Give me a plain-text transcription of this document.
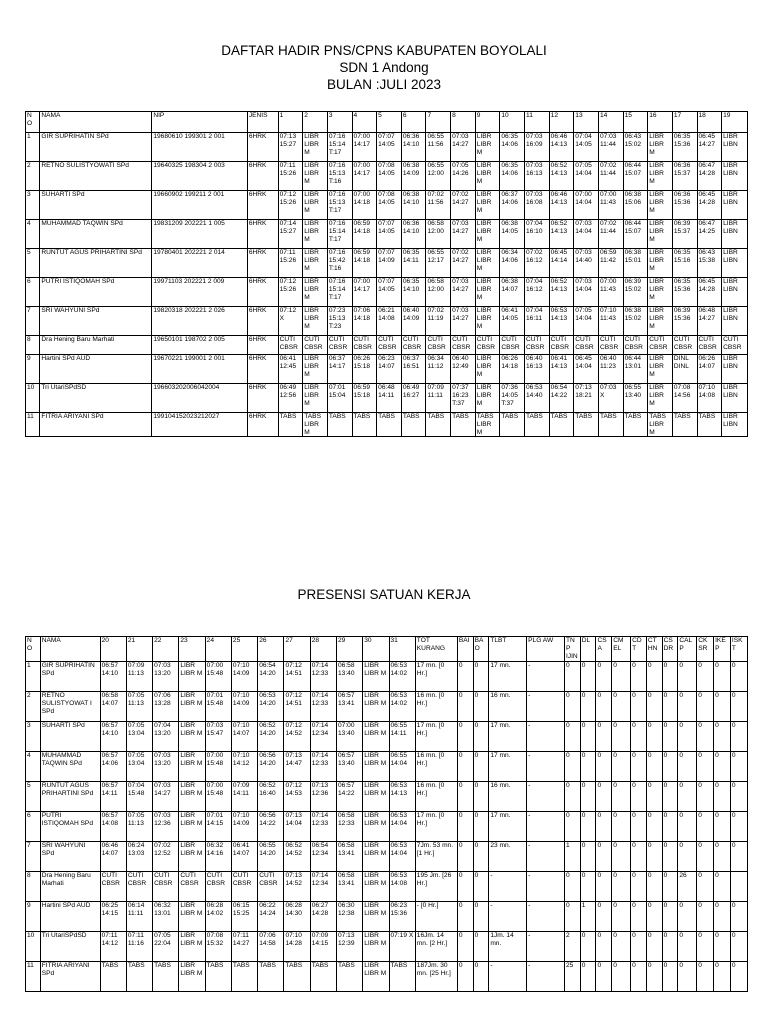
DAFTAR HADIR PNS/CPNS KABUPATEN BOYOLALI
SDN 1 Andong
BULAN :JULI 2023
N O	NAMA	NIP	JENIS	1	2	3	4	5	6	7	8	9	10	11	12	13	14	15	16	17	18	19
1	GIR SUPRIHATIN SPd	19680610 199301 2 001	6HRK	07:13 15:27	LIBR LIBR M	07:16 15:14 T:17	07:00 14:17	07:07 14:05	06:36 14:10	06:55 11:56	07:03 14:27	LIBR LIBR M	06:35 14:06	07:03 16:09	06:46 14:13	07:04 14:05	07:03 11:44	06:43 15:02	LIBR LIBR M	06:35 15:36	06:45 14:27	LIBR LIBN
2	RETNO SULISTYOWATI SPd	19640325 198304 2 003	6HRK	07:11 15:26	LIBR LIBR M	07:16 15:13 T:16	07:00 14:17	07:08 14:05	06:38 14:09	06:55 12:00	07:05 14:26	LIBR LIBR M	06:35 14:06	07:03 16:13	06:52 14:13	07:05 14:04	07:02 11:44	06:44 15:07	LIBR LIBR M	06:36 15:37	06:47 14:28	LIBR LIBN
3	SUHARTI SPd	19660902 199211 2 001	6HRK	07:12 15:26	LIBR LIBR M	07:16 15:13 T:17	07:00 14:18	07:08 14:05	06:38 14:10	07:02 11:56	07:02 14:27	LIBR LIBR M	06:37 14:06	07:03 16:08	06:46 14:13	07:00 14:04	07:00 11:43	06:38 15:06	LIBR LIBR M	06:36 15:36	06:45 14:28	LIBR LIBN
4	MUHAMMAD TAQWIN SPd	19831209 202221 1 005	6HRK	07:14 15:27	LIBR LIBR M	07:16 15:14 T:17	06:59 14:18	07:07 14:05	06:36 14:10	06:58 12:00	07:03 14:27	LIBR LIBR M	06:38 14:05	07:04 16:10	06:52 14:13	07:03 14:04	07:02 11:44	06:44 15:07	LIBR LIBR M	06:39 15:37	06:47 14:25	LIBR LIBN
5	RUNTUT AGUS PRIHARTINI SPd	19780401 202221 2 014	6HRK	07:11 15:26	LIBR LIBR M	07:16 15:42 T:16	06:59 14:18	07:07 14:09	06:35 14:11	06:55 12:17	07:02 14:27	LIBR LIBR M	06:34 14:06	07:02 16:12	06:45 14:14	07:03 14:40	06:59 11:42	06:38 15:01	LIBR LIBR M	06:35 15:16	06:43 15:38	LIBR LIBN
6	PUTRI ISTIQOMAH SPd	19971103 202221 2 009	6HRK	07:12 15:26	LIBR LIBR M	07:16 15:14 T:17	07:00 14:17	07:07 14:05	06:35 14:10	06:58 12:00	07:03 14:27	LIBR LIBR M	06:38 14:07	07:04 16:12	06:52 14:13	07:03 14:04	07:00 11:43	06:39 15:02	LIBR LIBR M	06:35 15:36	06:45 14:28	LIBR LIBN
7	SRI WAHYUNI SPd	19820318 202221 2 026	6HRK	07:12 X	LIBR LIBR M	07:23 15:13 T:23	07:06 14:18	06:21 14:08	06:40 14:09	07:02 11:19	07:03 14:27	LIBR LIBR M	06:41 14:05	07:04 16:11	06:53 14:13	07:05 14:04	07:10 11:43	06:38 15:02	LIBR LIBR M	06:39 15:36	06:48 14:27	LIBR LIBN
8	Dra Hening Baru Marhati	19650101 198702 2 005	6HRK	CUTI CBSR	CUTI CBSR	CUTI CBSR	CUTI CBSR	CUTI CBSR	CUTI CBSR	CUTI CBSR	CUTI CBSR	CUTI CBSR	CUTI CBSR	CUTI CBSR	CUTI CBSR	CUTI CBSR	CUTI CBSR	CUTI CBSR	CUTI CBSR	CUTI CBSR	CUTI CBSR	CUTI CBSR
9	Hartini SPd AUD	19670221 199001 2 001	6HRK	06:41 12:45	LIBR LIBR M	06:37 14:17	06:26 15:18	06:23 14:07	06:37 16:51	06:34 11:12	06:40 12:49	LIBR LIBR M	06:26 14:18	06:40 16:13	06:41 14:13	06:45 14:04	06:40 11:23	06:44 13:01	LIBR LIBR M	DINL DINL	06:26 14:07	LIBR LIBN
10	Tri UtariSPdSD	196603202006042004	6HRK	06:49 12:56	LIBR LIBR M	07:01 15:04	06:59 15:18	06:48 14:11	06:49 16:27	07:09 11:11	07:37 16:23 T:37	LIBR LIBR M	07:36 14:05 T:37	06:53 14:40	06:54 14:22	07:13 18:21	07:03 X	06:55 13:40	LIBR LIBR M	07:08 14:56	07:10 14:08	LIBR LIBN
11	FITRIA ARIYANI SPd	199104152023212027	6HRK	TABS	TABS LIBR M	TABS	TABS	TABS	TABS	TABS	TABS	TABS LIBR M	TABS	TABS	TABS	TABS	TABS	TABS	TABS LIBR M	TABS	TABS	LIBR LIBN
PRESENSI SATUAN KERJA
N O	NAMA	20	21	22	23	24	25	26	27	28	29	30	31	TOT KURANG	BAI	BA O	TLBT	PLG AW	TN P IJIN	DL	CS A	CM EL	CD T	CT HN	CS DR	CAL P	CK SR	IKE P	ISK T
1	GIR SUPRIHATIN SPd	06:57 14:10	07:09 11:13	07:03 13:20	LIBR LIBR M	07:00 15:48	07:10 14:09	06:54 14:20	07:12 14:51	07:14 12:33	06:58 13:40	LIBR LIBR M	06:53 14:02	17 mn. [0 Hr.]	0	0	17 mn.	-	0	0	0	0	0	0	0	0	0	0	0
2	RETNO SULISTYOWAT I SPd	06:58 14:07	07:05 11:13	07:06 13:28	LIBR LIBR M	07:01 15:48	07:10 14:09	06:53 14:20	07:12 14:51	07:14 12:33	06:57 13:41	LIBR LIBR M	06:53 14:02	16 mn. [0 Hr.]	0	0	16 mn.	-	0	0	0	0	0	0	0	0	0	0	0
3	SUHARTI SPd	06:57 14:10	07:05 13:04	07:04 13:20	LIBR LIBR M	07:03 15:47	07:10 14:07	06:52 14:20	07:12 14:52	07:14 12:34	07:00 13:40	LIBR LIBR M	06:55 14:11	17 mn. [0 Hr.]	0	0	17 mn.	-	0	0	0	0	0	0	0	0	0	0	0
4	MUHAMMAD TAQWIN SPd	06:57 14:06	07:05 13:04	07:03 13:20	LIBR LIBR M	07:00 15:48	07:10 14:12	06:56 14:20	07:13 14:47	07:14 12:33	06:57 13:40	LIBR LIBR M	06:55 14:04	16 mn. [0 Hr.]	0	0	17 mn.	-	0	0	0	0	0	0	0	0	0	0	0
5	RUNTUT AGUS PRIHARTINI SPd	06:57 14:11	07:04 15:48	07:03 14:27	LIBR LIBR M	07:00 15:48	07:09 14:11	06:52 16:40	07:12 14:53	07:13 12:36	06:57 14:22	LIBR LIBR M	06:53 14:13	16 mn. [0 Hr.]	0	0	16 mn.	-	0	0	0	0	0	0	0	0	0	0	0
6	PUTRI ISTIQOMAH SPd	06:57 14:08	07:05 11:13	07:03 12:36	LIBR LIBR M	07:01 14:15	07:10 14:09	06:56 14:22	07:13 14:04	07:14 12:33	06:58 12:33	LIBR LIBR M	06:53 14:04	17 mn. [0 Hr.]	0	0	17 mn.	-	0	0	0	0	0	0	0	0	0	0	0
7	SRI WAHYUNI SPd	06:46 14:07	06:24 13:03	07:02 12:52	LIBR LIBR M	06:32 14:16	06:41 14:07	06:55 14:20	06:52 14:52	06:54 12:34	06:58 13:41	LIBR LIBR M	06:53 14:04	7Jm. 53 mn. [1 Hr.]	0	0	23 mn.	-	1	0	0	0	0	0	0	0	0	0	0
8	Dra Hening Baru Marhati	CUTI CBSR	CUTI CBSR	CUTI CBSR	CUTI CBSR	CUTI CBSR	CUTI CBSR	CUTI CBSR	07:13 14:52	07:14 12:34	06:58 13:41	LIBR LIBR M	06:53 14:08	195 Jm. [26 Hr.]	0	0	-	-	0	0	0	0	0	0	0	26	0	0	
9	Hartini SPd AUD	06:25 14:15	06:14 11:11	06:32 13:01	LIBR LIBR M	06:28 14:02	06:15 15:25	06:22 14:24	06:28 14:30	06:27 14:28	06:30 12:38	LIBR LIBR M	06:23 15:36	- [0 Hr.]	0	0	-	-	0	1	0	0	0	0	0	0	0	0	0
10	Tri UtariSPdSD	07:11 14:12	07:11 11:16	07:05 22:04	LIBR LIBR M	07:08 15:32	07:11 14:27	07:06 14:58	07:10 14:28	07:09 14:15	07:13 12:39	LIBR LIBR M	07:19 X	16Jm. 14 mn. [2 Hr.]	0	0	1Jm. 14 mn.	-	2	0	0	0	0	0	0	0	0	0	0
11	FITRIA ARIYANI SPd	TABS	TABS	TABS	LIBR LIBR M	TABS	TABS	TABS	TABS	TABS	TABS	LIBR LIBR M	TABS	187Jm. 30 mn. [25 Hr.]	0	0	-	-	25	0	0	0	0	0	0	0	0	0	0
